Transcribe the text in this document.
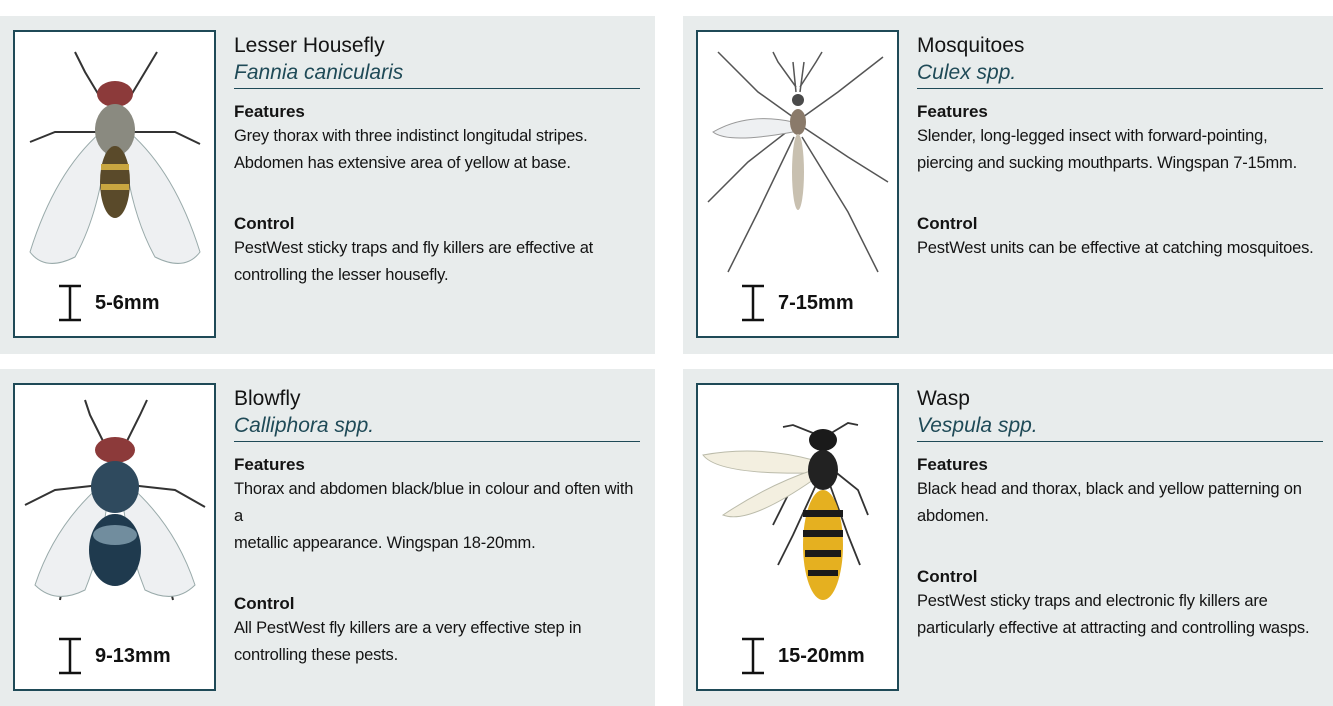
5-6mm
Lesser Housefly
Fannia canicularis
Features
Grey thorax with three indistinct longitudal stripes.
Abdomen has extensive area of yellow at base.
Control
PestWest sticky traps and fly killers are effective at
controlling the lesser housefly.
7-15mm
Mosquitoes
Culex spp.
Features
Slender, long-legged insect with forward-pointing,
piercing and sucking mouthparts. Wingspan 7-15mm.
Control
PestWest units can be effective at catching mosquitoes.
9-13mm
Blowfly
Calliphora spp.
Features
Thorax and abdomen black/blue in colour and often with a
metallic appearance. Wingspan 18-20mm.
Control
All PestWest fly killers are a very effective step in
controlling these pests.	15-20mm
Wasp
Vespula spp.
Features
Black head and thorax, black and yellow patterning on
abdomen.
Control
PestWest sticky traps and electronic fly killers are
particularly effective at attracting and controlling wasps.
